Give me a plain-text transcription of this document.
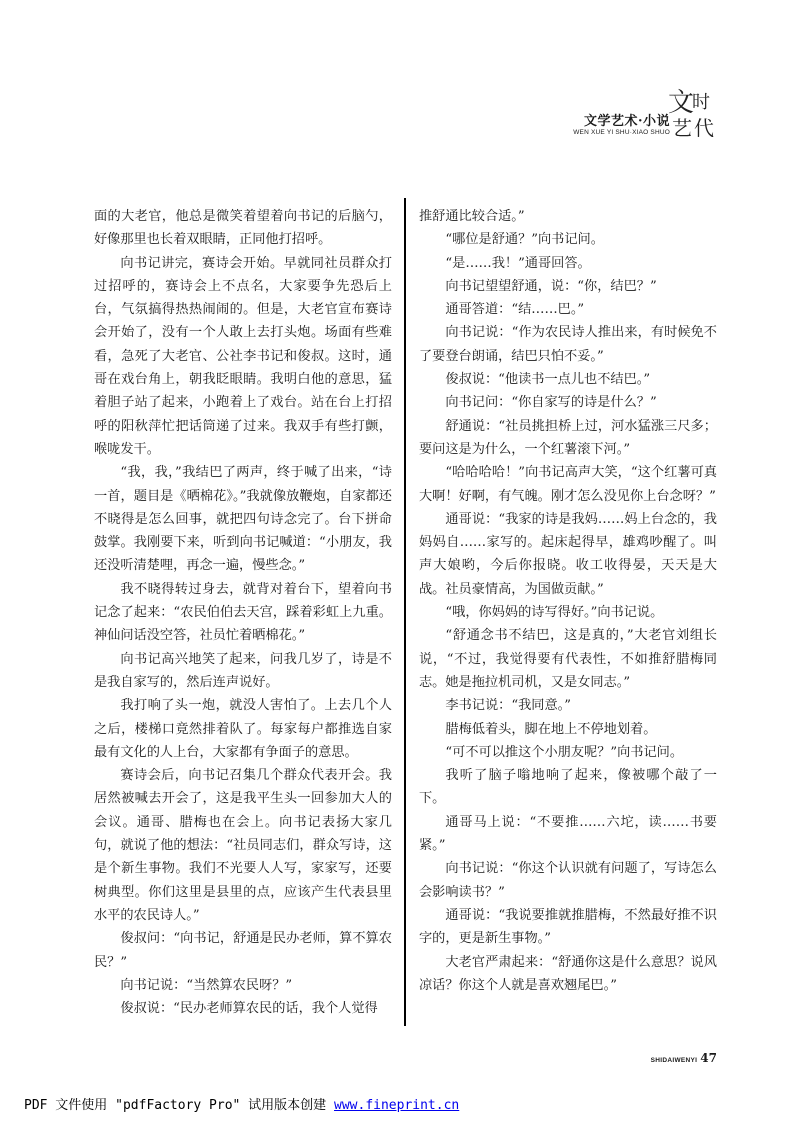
文学艺术·小说
WEN XUE YI SHU·XIAO SHUO
文
时
艺 代

面的大老官，他总是微笑着望着向书记的后脑勺，好像那里也长着双眼睛，正同他打招呼。

向书记讲完，赛诗会开始。早就同社员群众打过招呼的，赛诗会上不点名，大家要争先恐后上台，气氛搞得热热闹闹的。但是，大老官宣布赛诗会开始了，没有一个人敢上去打头炮。场面有些难看，急死了大老官、公社李书记和俊叔。这时，通哥在戏台角上，朝我眨眼睛。我明白他的意思，猛着胆子站了起来，小跑着上了戏台。站在台上打招呼的阳秋萍忙把话筒递了过来。我双手有些打颤，喉咙发干。

“我，我，”我结巴了两声，终于喊了出来，“诗一首，题目是《晒棉花》。”我就像放鞭炮，自家都还不晓得是怎么回事，就把四句诗念完了。台下拼命鼓掌。我刚要下来，听到向书记喊道：“小朋友，我还没听清楚哩，再念一遍，慢些念。”

我不晓得转过身去，就背对着台下，望着向书记念了起来：“农民伯伯去天宫，踩着彩虹上九重。神仙问话没空答，社员忙着晒棉花。”

向书记高兴地笑了起来，问我几岁了，诗是不是我自家写的，然后连声说好。

我打响了头一炮，就没人害怕了。上去几个人之后，楼梯口竟然排着队了。每家每户都推选自家最有文化的人上台，大家都有争面子的意思。

赛诗会后，向书记召集几个群众代表开会。我居然被喊去开会了，这是我平生头一回参加大人的会议。通哥、腊梅也在会上。向书记表扬大家几句，就说了他的想法：“社员同志们，群众写诗，这是个新生事物。我们不光要人人写，家家写，还要树典型。你们这里是县里的点，应该产生代表县里水平的农民诗人。”

俊叔问：“向书记，舒通是民办老师，算不算农民？”

向书记说：“当然算农民呀？”

俊叔说：“民办老师算农民的话，我个人觉得

推舒通比较合适。”

“哪位是舒通？”向书记问。

“是……我！”通哥回答。

向书记望望舒通，说：“你，结巴？”

通哥答道：“结……巴。”

向书记说：“作为农民诗人推出来，有时候免不了要登台朗诵，结巴只怕不妥。”

俊叔说：“他读书一点儿也不结巴。”

向书记问：“你自家写的诗是什么？”

舒通说：“社员挑担桥上过，河水猛涨三尺多；要问这是为什么，一个红薯滚下河。”

“哈哈哈哈！”向书记高声大笑，“这个红薯可真大啊！好啊，有气魄。刚才怎么没见你上台念呀？”

通哥说：“我家的诗是我妈……妈上台念的，我妈妈自……家写的。起床起得早，雄鸡吵醒了。叫声大娘哟，今后你报晓。收工收得晏，天天是大战。社员豪情高，为国做贡献。”

“哦，你妈妈的诗写得好。”向书记说。

“舒通念书不结巴，这是真的，”大老官刘组长说，“不过，我觉得要有代表性，不如推舒腊梅同志。她是拖拉机司机，又是女同志。”

李书记说：“我同意。”

腊梅低着头，脚在地上不停地划着。

“可不可以推这个小朋友呢？”向书记问。

我听了脑子嗡地响了起来，像被哪个敲了一下。

通哥马上说：“不要推……六坨，读……书要紧。”

向书记说：“你这个认识就有问题了，写诗怎么会影响读书？”

通哥说：“我说要推就推腊梅，不然最好推不识字的，更是新生事物。”

大老官严肃起来：“舒通你这是什么意思？说风凉话？你这个人就是喜欢翘尾巴。”

SHIDAIWENYI 47
PDF 文件使用 "pdfFactory Pro" 试用版本创建 www.fineprint.cn
